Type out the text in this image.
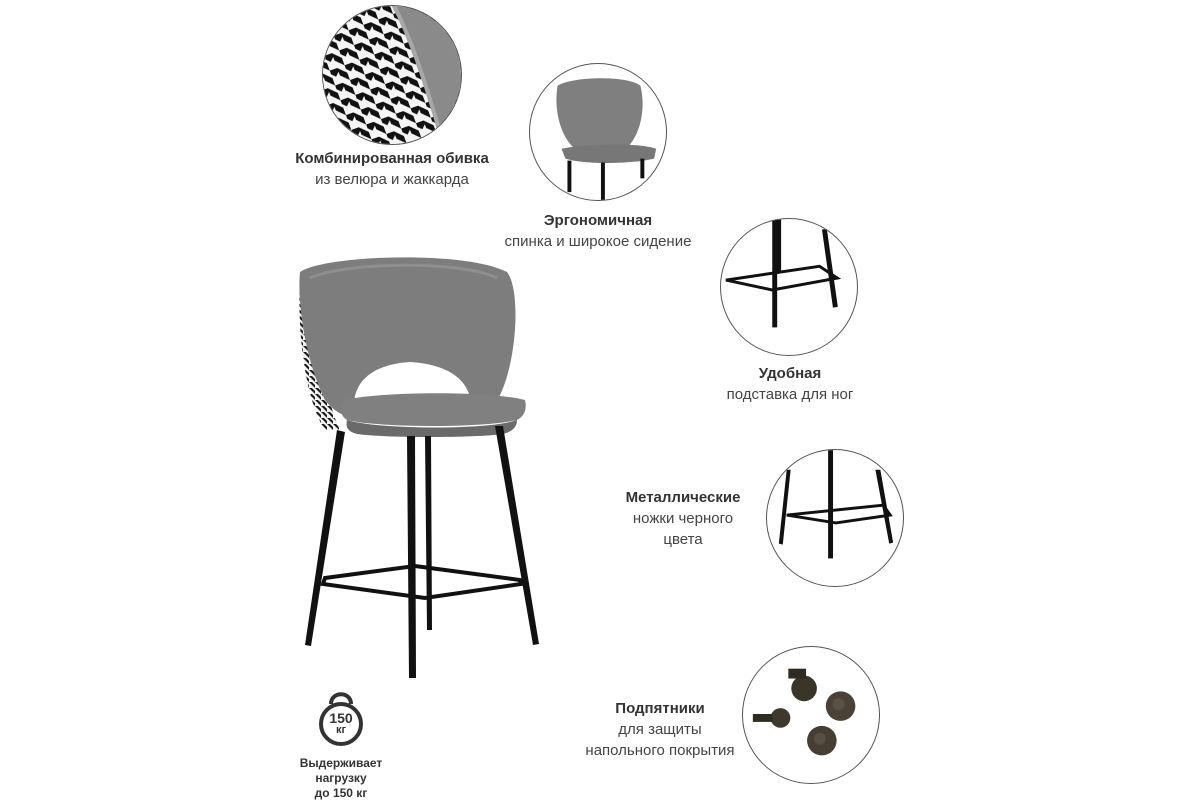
Комбинированная обивка
из велюра и жаккарда
Эргономичная
спинка и широкое сидение
Удобная
подставка для ног
Металлические
ножки черного
цвета
Подпятники
для защиты
напольного покрытия
150
кг
Выдерживает
нагрузку
до 150 кг
